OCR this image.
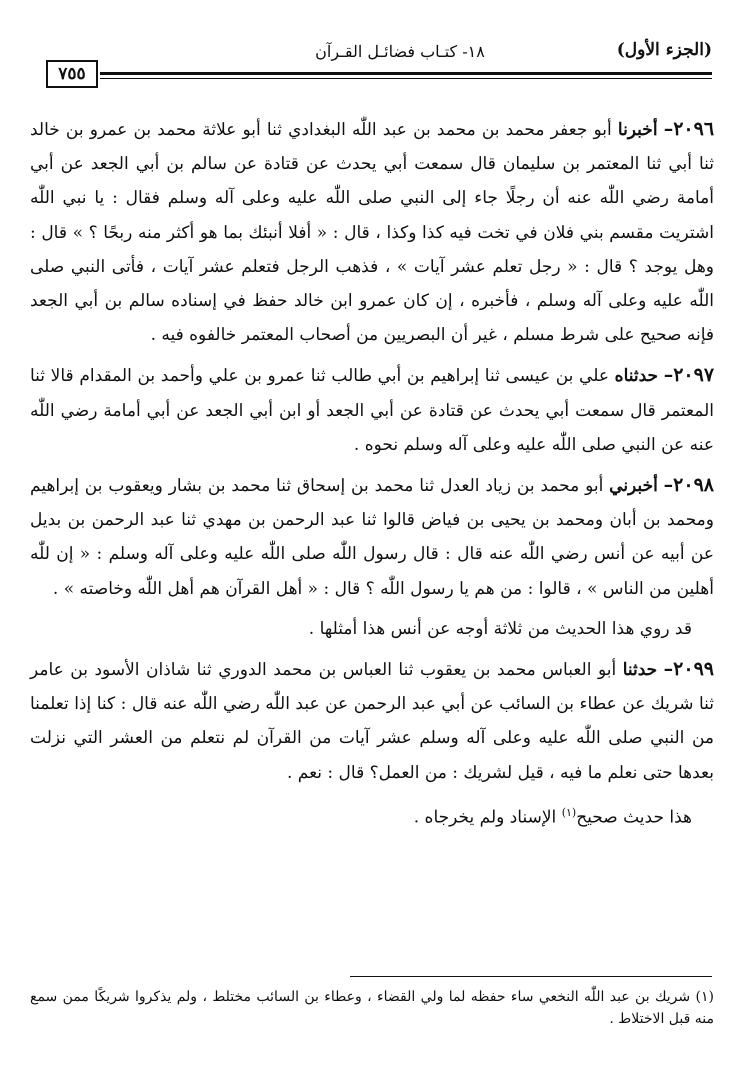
(الجزء الأول)
١٨- كتـاب فضائـل القـرآن
٧٥٥

٢٠٩٦– أخبرنا أبو جعفر محمد بن محمد بن عبد اللّٰه البغدادي ثنا أبو علاثة محمد بن عمرو بن خالد ثنا أبي ثنا المعتمر بن سليمان قال سمعت أبي يحدث عن قتادة عن سالم بن أبي الجعد عن أبي أمامة رضي اللّٰه عنه أن رجلًا جاء إلى النبي صلى اللّٰه عليه وعلى آله وسلم فقال : يا نبي اللّٰه اشتريت مقسم بني فلان في تخت فيه كذا وكذا ، قال : « أفلا أنبئك بما هو أكثر منه ربحًا ؟ » قال : وهل يوجد ؟ قال : « رجل تعلم عشر آيات » ، فذهب الرجل فتعلم عشر آيات ، فأتى النبي صلى اللّٰه عليه وعلى آله وسلم ، فأخبره ، إن كان عمرو ابن خالد حفظ في إسناده سالم بن أبي الجعد فإنه صحيح على شرط مسلم ، غير أن البصريين من أصحاب المعتمر خالفوه فيه .

٢٠٩٧– حدثناه علي بن عيسى ثنا إبراهيم بن أبي طالب ثنا عمرو بن علي وأحمد بن المقدام قالا ثنا المعتمر قال سمعت أبي يحدث عن قتادة عن أبي الجعد أو ابن أبي الجعد عن أبي أمامة رضي اللّٰه عنه عن النبي صلى اللّٰه عليه وعلى آله وسلم نحوه .

٢٠٩٨– أخبرني أبو محمد بن زياد العدل ثنا محمد بن إسحاق ثنا محمد بن بشار ويعقوب بن إبراهيم ومحمد بن أبان ومحمد بن يحيى بن فياض قالوا ثنا عبد الرحمن بن مهدي ثنا عبد الرحمن بن بديل عن أبيه عن أنس رضي اللّٰه عنه قال : قال رسول اللّٰه صلى اللّٰه عليه وعلى آله وسلم : « إن للّٰه أهلين من الناس » ، قالوا : من هم يا رسول اللّٰه ؟ قال : « أهل القرآن هم أهل اللّٰه وخاصته » .

قد روي هذا الحديث من ثلاثة أوجه عن أنس هذا أمثلها .

٢٠٩٩– حدثنا أبو العباس محمد بن يعقوب ثنا العباس بن محمد الدوري ثنا شاذان الأسود بن عامر ثنا شريك عن عطاء بن السائب عن أبي عبد الرحمن عن عبد اللّٰه رضي اللّٰه عنه قال : كنا إذا تعلمنا من النبي صلى اللّٰه عليه وعلى آله وسلم عشر آيات من القرآن لم نتعلم من العشر التي نزلت بعدها حتى نعلم ما فيه ، قيل لشريك : من العمل؟ قال : نعم .

هذا حديث صحيح$^{(١)}$ الإسناد ولم يخرجاه .

(١) شريك بن عبد اللّٰه النخعي ساء حفظه لما ولي القضاء ، وعطاء بن السائب مختلط ، ولم يذكروا شريكًا ممن سمع منه قبل الاختلاط .
